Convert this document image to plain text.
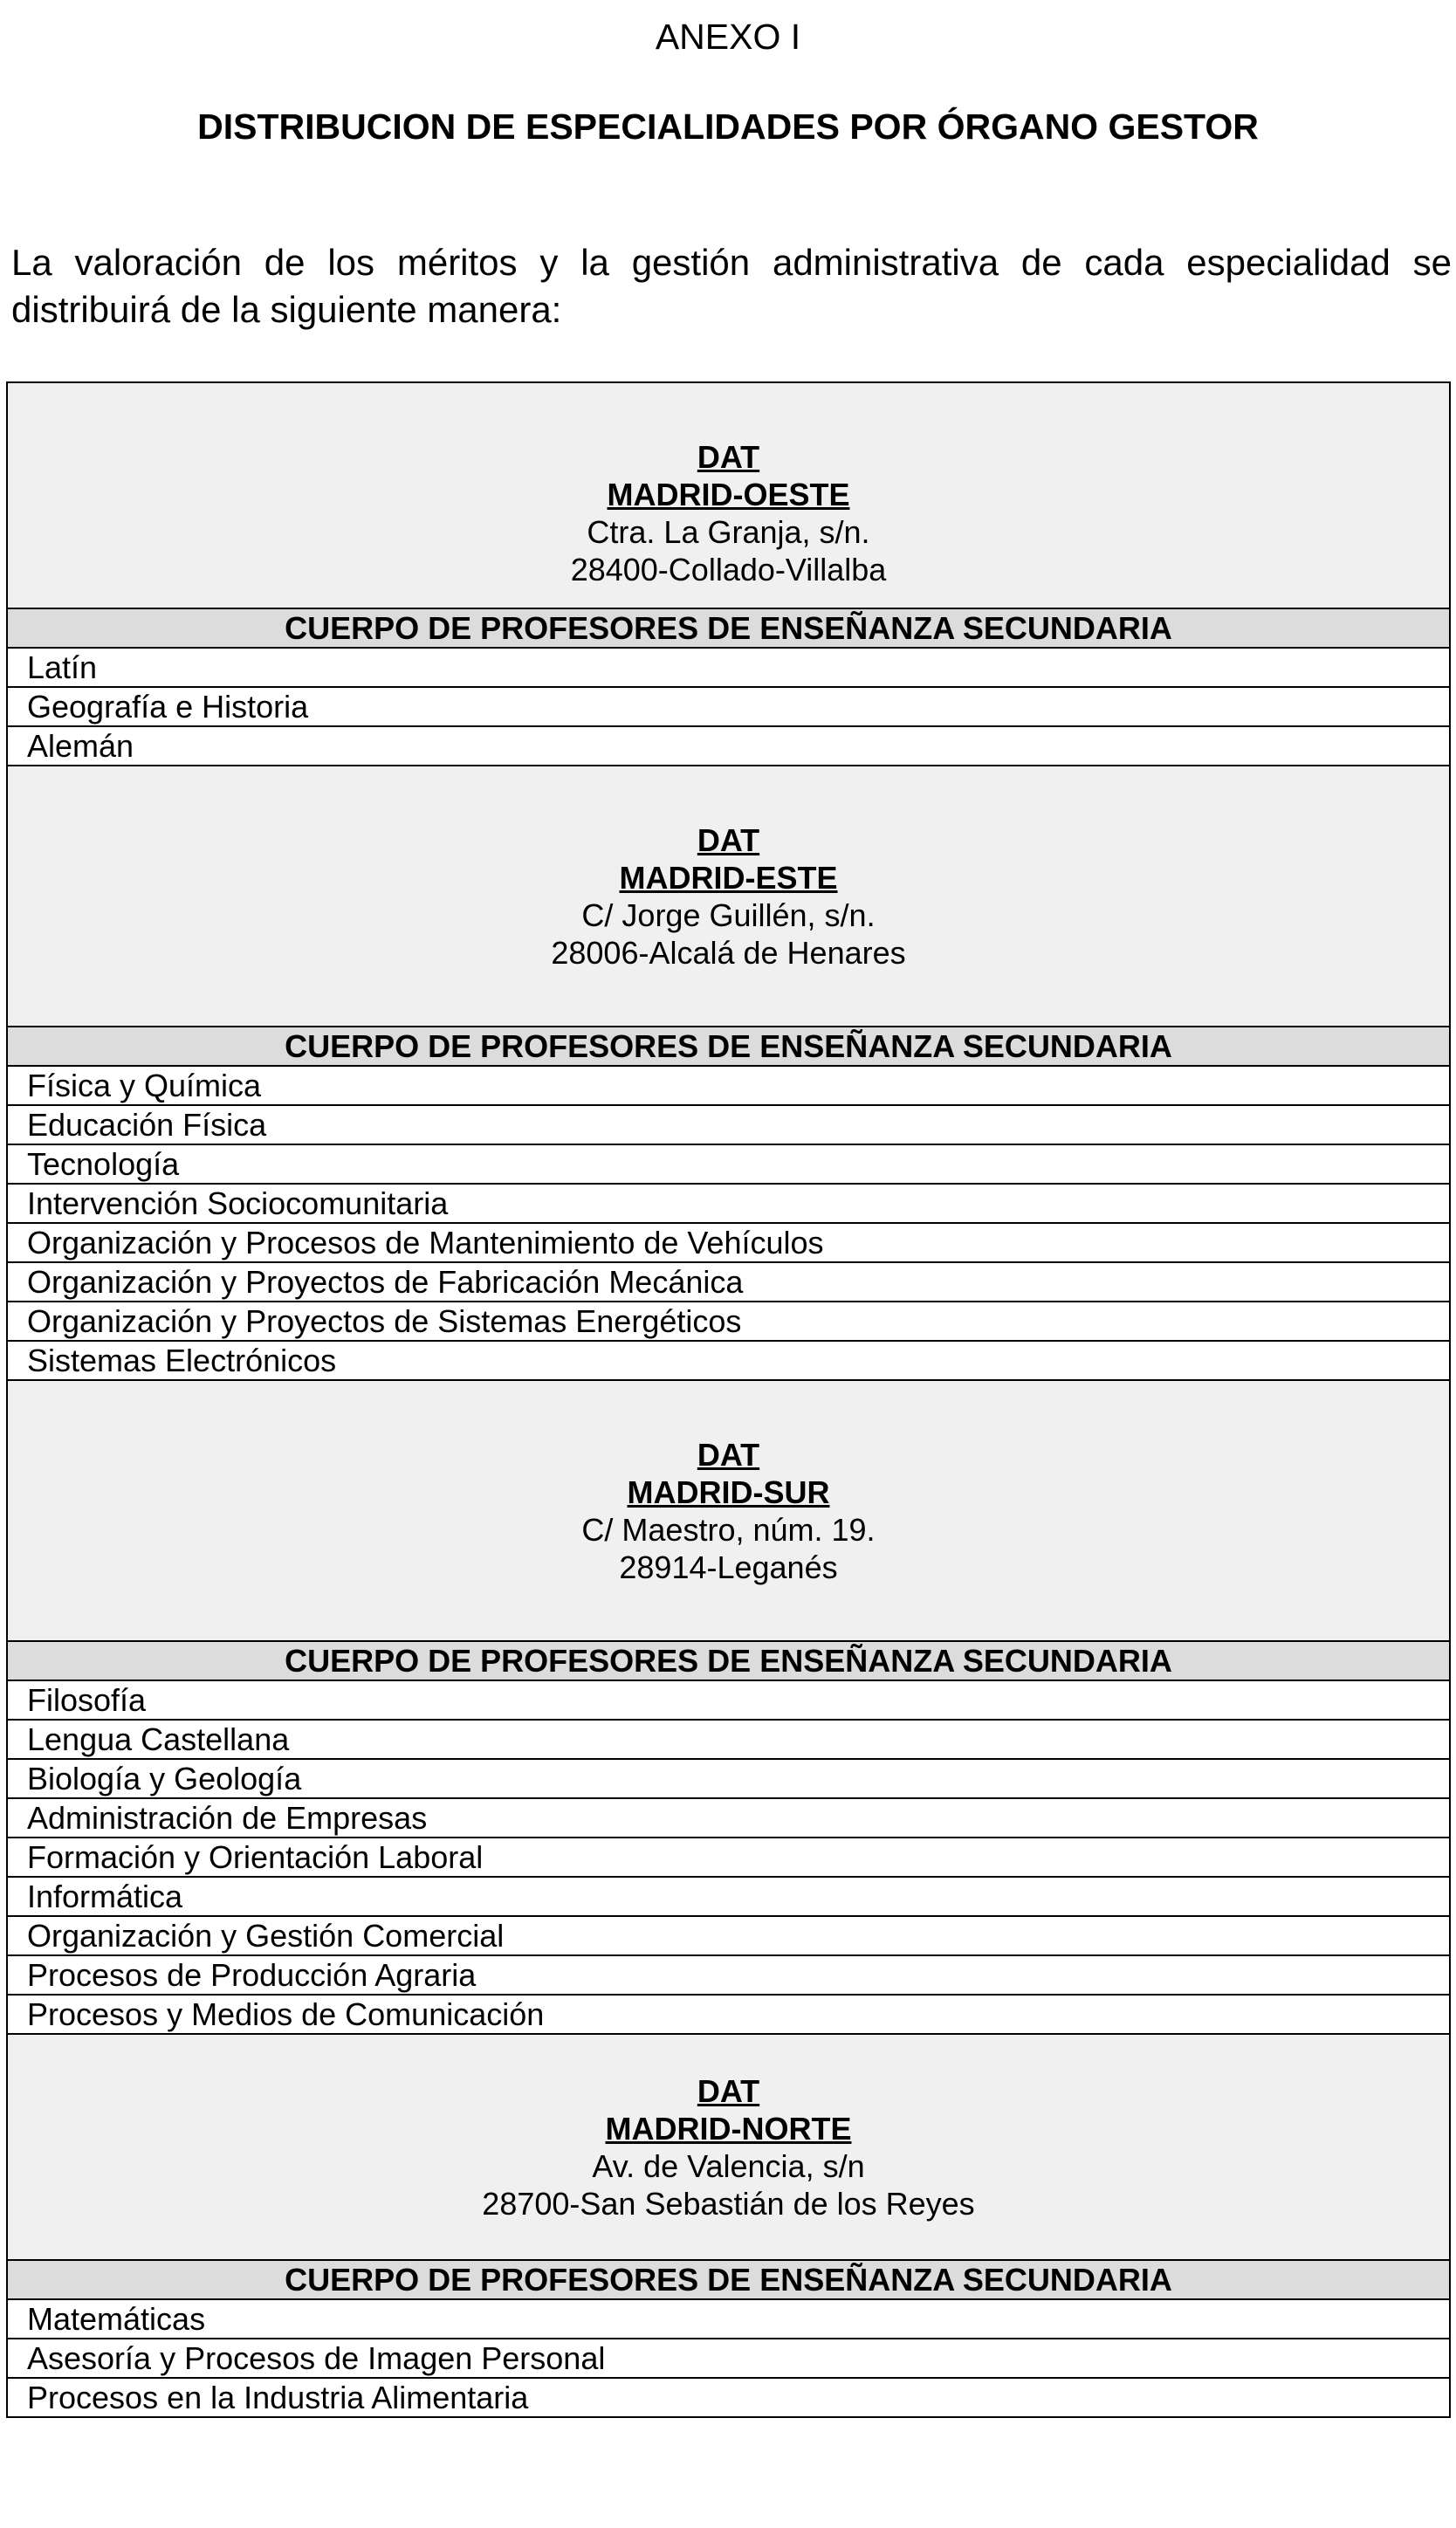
ANEXO I
DISTRIBUCION DE ESPECIALIDADES POR ÓRGANO GESTOR
La valoración de los méritos y la gestión administrativa de cada especialidad se distribuirá de la siguiente manera:
DAT
MADRID-OESTE
Ctra. La Granja, s/n.
28400-Collado-Villalba

CUERPO DE PROFESORES DE ENSEÑANZA SECUNDARIA
Latín
Geografía e Historia
Alemán

DAT
MADRID-ESTE
C/ Jorge Guillén, s/n.
28006-Alcalá de Henares

CUERPO DE PROFESORES DE ENSEÑANZA SECUNDARIA
Física y Química
Educación Física
Tecnología
Intervención Sociocomunitaria
Organización y Procesos de Mantenimiento de Vehículos
Organización y Proyectos de Fabricación Mecánica
Organización y Proyectos de Sistemas Energéticos
Sistemas Electrónicos

DAT
MADRID-SUR
C/ Maestro, núm. 19.
28914-Leganés

CUERPO DE PROFESORES DE ENSEÑANZA SECUNDARIA
Filosofía
Lengua Castellana
Biología y Geología
Administración de Empresas
Formación y Orientación Laboral
Informática
Organización y Gestión Comercial
Procesos de Producción Agraria
Procesos y Medios de Comunicación

DAT
MADRID-NORTE
Av. de Valencia, s/n
28700-San Sebastián de los Reyes

CUERPO DE PROFESORES DE ENSEÑANZA SECUNDARIA
Matemáticas
Asesoría y Procesos de Imagen Personal
Procesos en la Industria Alimentaria
